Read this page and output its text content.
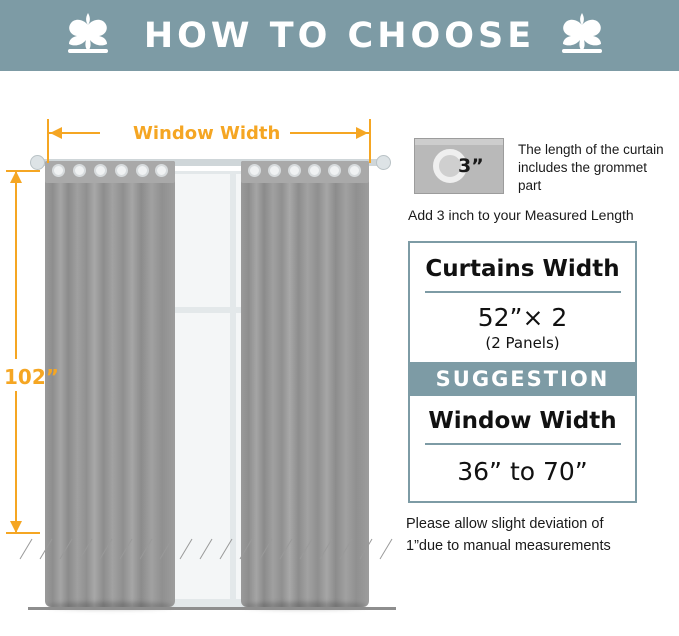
HOW TO CHOOSE
Window Width
102”
3”
The length of the curtain includes the grommet part
Add 3 inch to your Measured Length
Curtains Width
52”× 2
(2 Panels)
SUGGESTION
Window Width
36” to 70”
Please allow slight deviation of
1”due to manual measurements
